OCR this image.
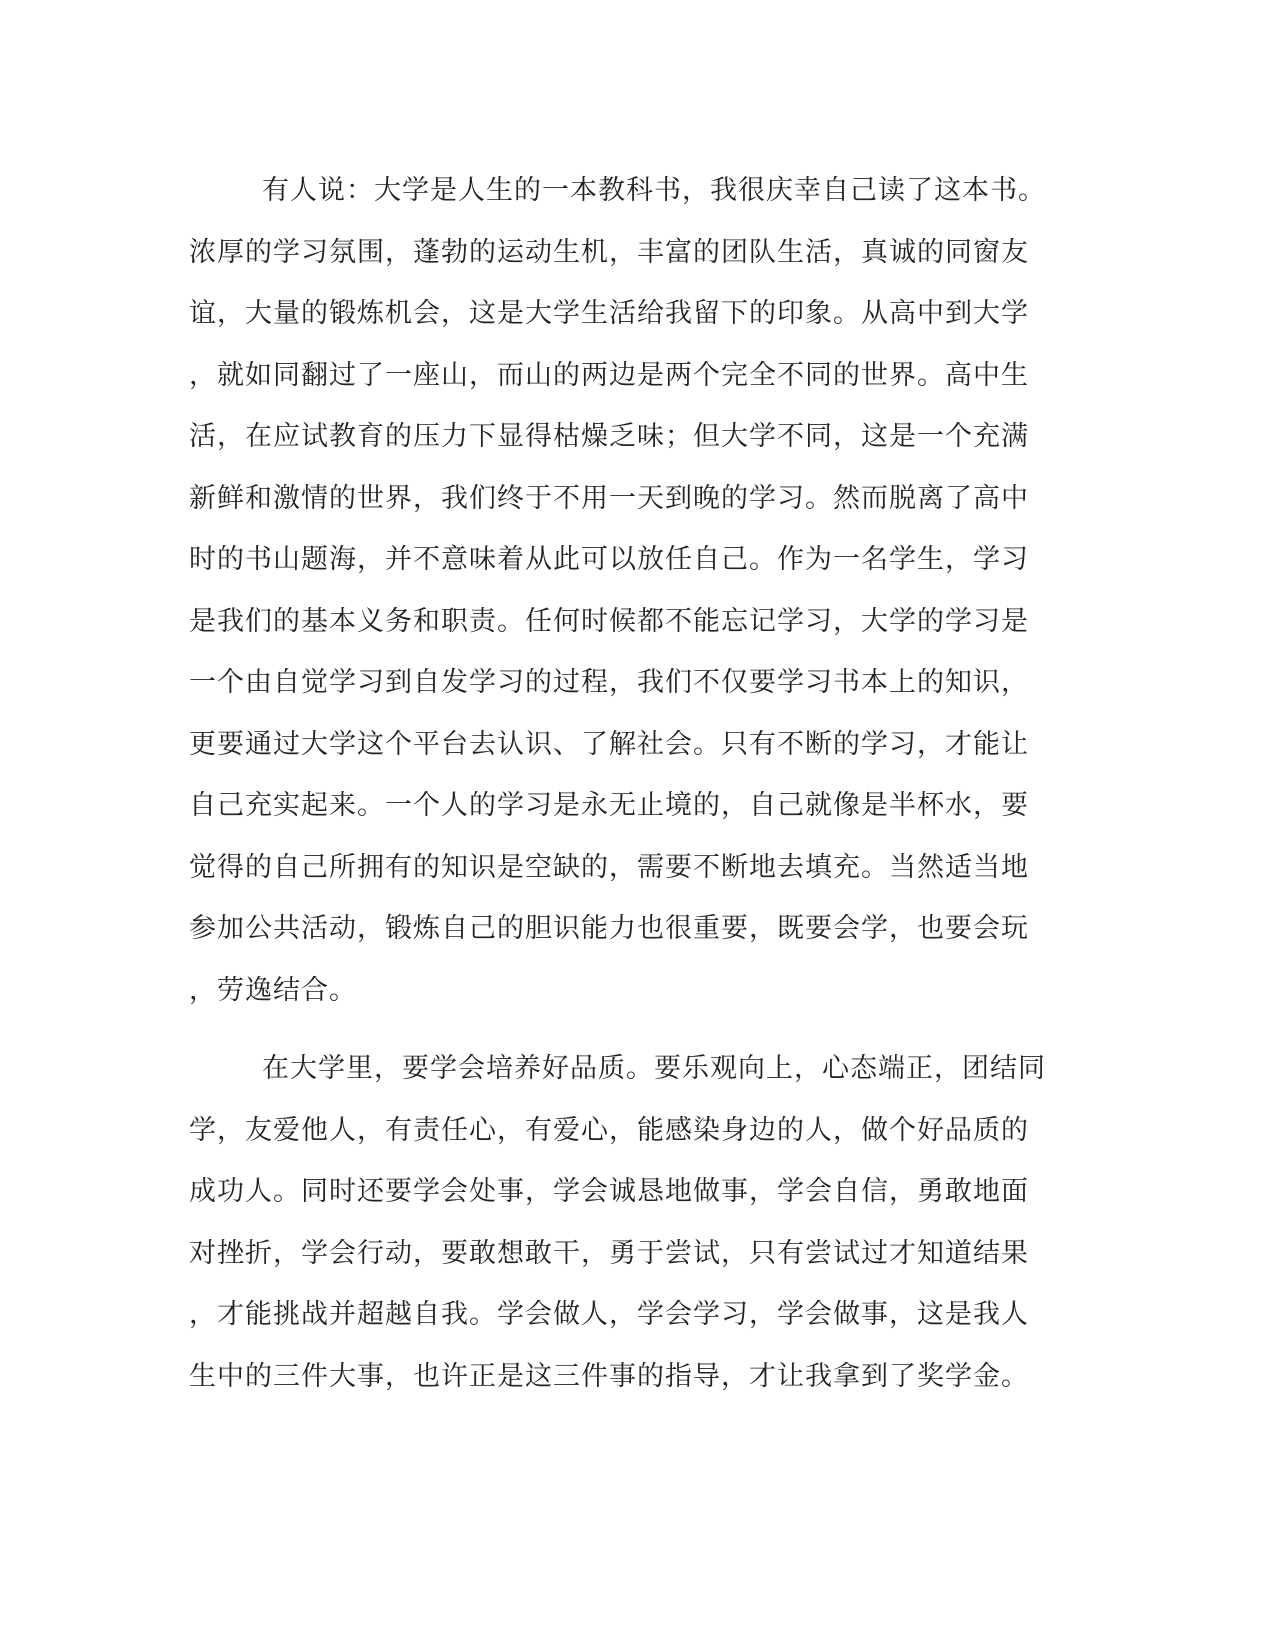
有人说：大学是人生的一本教科书，我很庆幸自己读了这本书。
浓厚的学习氛围，蓬勃的运动生机，丰富的团队生活，真诚的同窗友
谊，大量的锻炼机会，这是大学生活给我留下的印象。从高中到大学
，就如同翻过了一座山，而山的两边是两个完全不同的世界。高中生
活，在应试教育的压力下显得枯燥乏味；但大学不同，这是一个充满
新鲜和激情的世界，我们终于不用一天到晚的学习。然而脱离了高中
时的书山题海，并不意味着从此可以放任自己。作为一名学生，学习
是我们的基本义务和职责。任何时候都不能忘记学习，大学的学习是
一个由自觉学习到自发学习的过程，我们不仅要学习书本上的知识，
更要通过大学这个平台去认识、了解社会。只有不断的学习，才能让
自己充实起来。一个人的学习是永无止境的，自己就像是半杯水，要
觉得的自己所拥有的知识是空缺的，需要不断地去填充。当然适当地
参加公共活动，锻炼自己的胆识能力也很重要，既要会学，也要会玩
，劳逸结合。
在大学里，要学会培养好品质。要乐观向上，心态端正，团结同
学，友爱他人，有责任心，有爱心，能感染身边的人，做个好品质的
成功人。同时还要学会处事，学会诚恳地做事，学会自信，勇敢地面
对挫折，学会行动，要敢想敢干，勇于尝试，只有尝试过才知道结果
，才能挑战并超越自我。学会做人，学会学习，学会做事，这是我人
生中的三件大事，也许正是这三件事的指导，才让我拿到了奖学金。
